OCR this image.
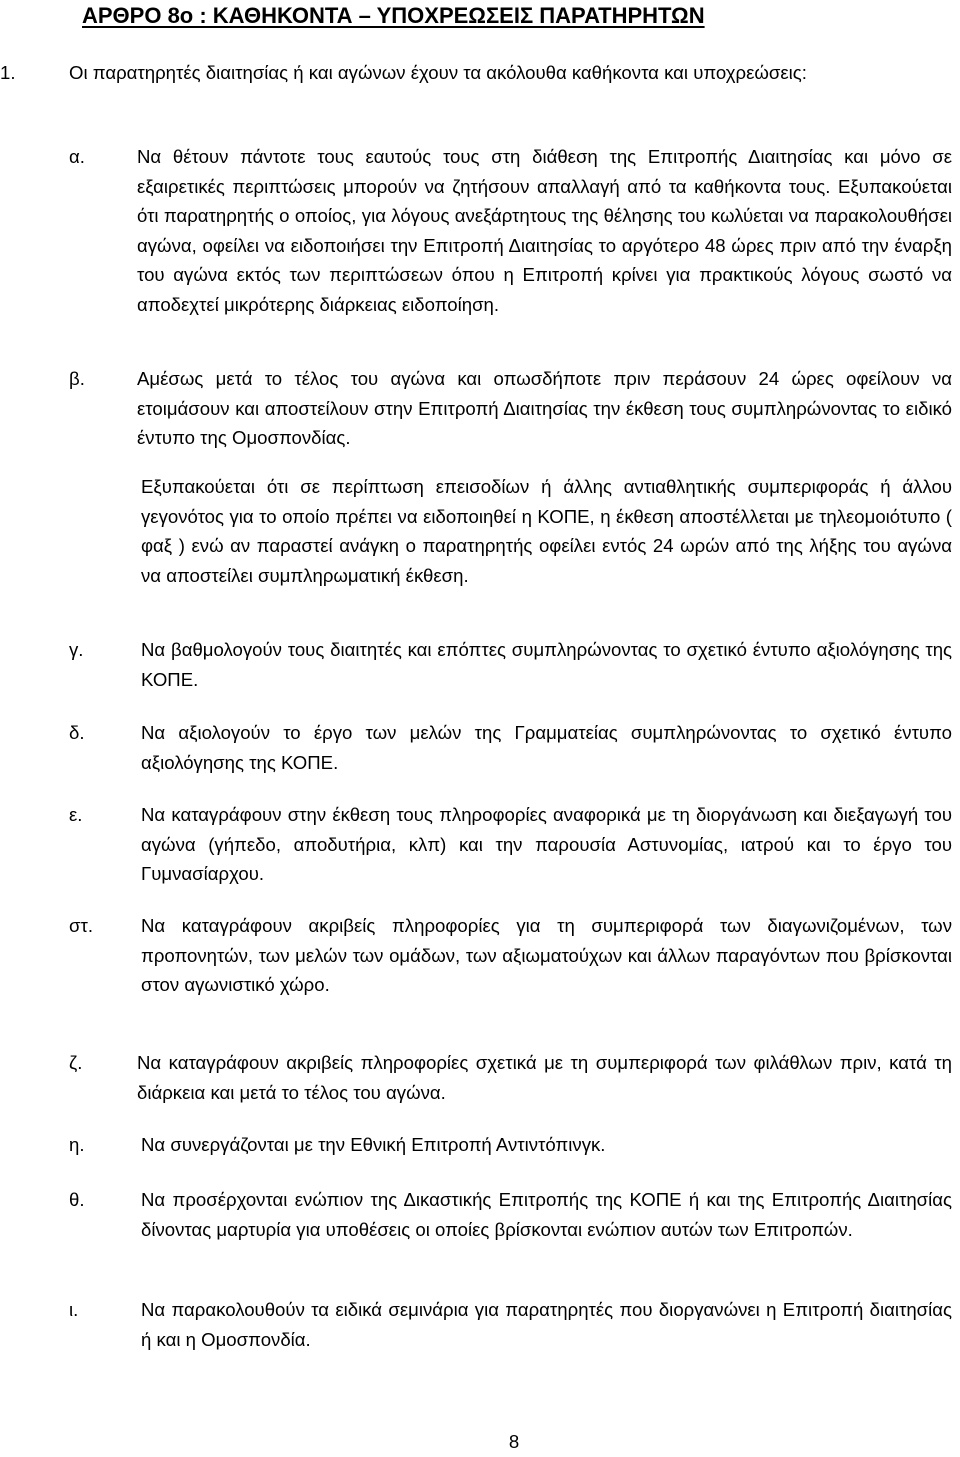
ΑΡΘΡΟ 8ο : ΚΑΘΗΚΟΝΤΑ – ΥΠΟΧΡΕΩΣΕΙΣ ΠΑΡΑΤΗΡΗΤΩΝ
1.	Οι παρατηρητές διαιτησίας ή και αγώνων έχουν τα ακόλουθα καθήκοντα και υποχρεώσεις:
α.	Να θέτουν πάντοτε τους εαυτούς τους στη διάθεση της Επιτροπής Διαιτησίας και μόνο σε εξαιρετικές περιπτώσεις μπορούν να ζητήσουν απαλλαγή από τα καθήκοντα τους. Εξυπακούεται ότι παρατηρητής ο οποίος, για λόγους ανεξάρτητους της θέλησης του κωλύεται να παρακολουθήσει αγώνα, οφείλει να ειδοποιήσει την Επιτροπή Διαιτησίας το αργότερο 48 ώρες πριν από την έναρξη του αγώνα εκτός των περιπτώσεων όπου η Επιτροπή κρίνει για πρακτικούς λόγους σωστό να αποδεχτεί μικρότερης διάρκειας ειδοποίηση.
β.	Αμέσως μετά το τέλος του αγώνα και οπωσδήποτε πριν περάσουν 24 ώρες οφείλουν να ετοιμάσουν και αποστείλουν στην Επιτροπή Διαιτησίας την έκθεση τους συμπληρώνοντας το ειδικό έντυπο της Ομοσπονδίας.
Εξυπακούεται ότι σε περίπτωση επεισοδίων ή άλλης αντιαθλητικής συμπεριφοράς ή άλλου γεγονότος για το οποίο πρέπει να ειδοποιηθεί η ΚΟΠΕ, η έκθεση αποστέλλεται με τηλεομοιότυπο ( φαξ ) ενώ αν παραστεί ανάγκη ο παρατηρητής οφείλει εντός 24 ωρών από της λήξης του αγώνα να αποστείλει συμπληρωματική έκθεση.
γ.	Να βαθμολογούν τους διαιτητές και επόπτες συμπληρώνοντας το σχετικό έντυπο αξιολόγησης της ΚΟΠΕ.
δ.	Να αξιολογούν το έργο των μελών της Γραμματείας συμπληρώνοντας το σχετικό έντυπο αξιολόγησης της ΚΟΠΕ.
ε.	Να καταγράφουν στην έκθεση τους πληροφορίες αναφορικά με τη διοργάνωση και διεξαγωγή του αγώνα (γήπεδο, αποδυτήρια, κλπ) και την παρουσία Αστυνομίας, ιατρού και το έργο του Γυμνασίαρχου.
στ.	Να καταγράφουν ακριβείς πληροφορίες για τη συμπεριφορά των διαγωνιζομένων, των προπονητών, των μελών των ομάδων, των αξιωματούχων και άλλων παραγόντων που βρίσκονται στον αγωνιστικό χώρο.
ζ.	Να καταγράφουν ακριβείς πληροφορίες σχετικά με τη συμπεριφορά των φιλάθλων πριν, κατά τη διάρκεια και μετά το τέλος του αγώνα.
η.	Να συνεργάζονται με την Εθνική Επιτροπή Αντιντόπινγκ.
θ.	Να προσέρχονται ενώπιον της Δικαστικής Επιτροπής της ΚΟΠΕ ή και της Επιτροπής Διαιτησίας δίνοντας μαρτυρία για υποθέσεις οι οποίες βρίσκονται ενώπιον αυτών των Επιτροπών.
ι.	Να παρακολουθούν τα ειδικά σεμινάρια για παρατηρητές που διοργανώνει η Επιτροπή διαιτησίας ή και η Ομοσπονδία.
8
